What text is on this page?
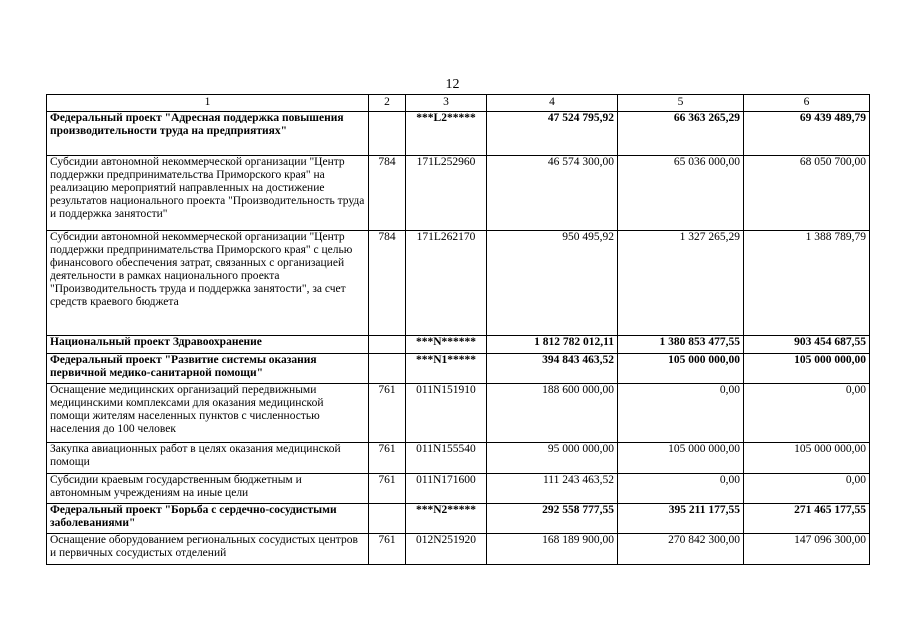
12
1	2	3	4	5	6
Федеральный проект "Адресная поддержка повышения производительности труда на предприятиях"		***L2*****	47 524 795,92	66 363 265,29	69 439 489,79
Субсидии автономной некоммерческой организации "Центр поддержки предпринимательства Приморского края" на реализацию мероприятий направленных на достижение результатов национального проекта "Производительность труда и поддержка занятости"	784	171L252960	46 574 300,00	65 036 000,00	68 050 700,00
Субсидии автономной некоммерческой организации "Центр поддержки предпринимательства Приморского края" с целью финансового обеспечения затрат, связанных с организацией деятельности в рамках национального проекта "Производительность труда и поддержка занятости", за счет средств краевого бюджета	784	171L262170	950 495,92	1 327 265,29	1 388 789,79
Национальный проект Здравоохранение		***N******	1 812 782 012,11	1 380 853 477,55	903 454 687,55
Федеральный проект "Развитие системы оказания первичной медико-санитарной помощи"		***N1*****	394 843 463,52	105 000 000,00	105 000 000,00
Оснащение медицинских организаций передвижными медицинскими комплексами для оказания медицинской помощи жителям населенных пунктов с численностью населения до 100 человек	761	011N151910	188 600 000,00	0,00	0,00
Закупка авиационных работ в целях оказания медицинской помощи	761	011N155540	95 000 000,00	105 000 000,00	105 000 000,00
Субсидии краевым государственным бюджетным и автономным учреждениям на иные цели	761	011N171600	111 243 463,52	0,00	0,00
Федеральный проект "Борьба с сердечно-сосудистыми заболеваниями"		***N2*****	292 558 777,55	395 211 177,55	271 465 177,55
Оснащение оборудованием региональных сосудистых центров и первичных сосудистых отделений	761	012N251920	168 189 900,00	270 842 300,00	147 096 300,00
